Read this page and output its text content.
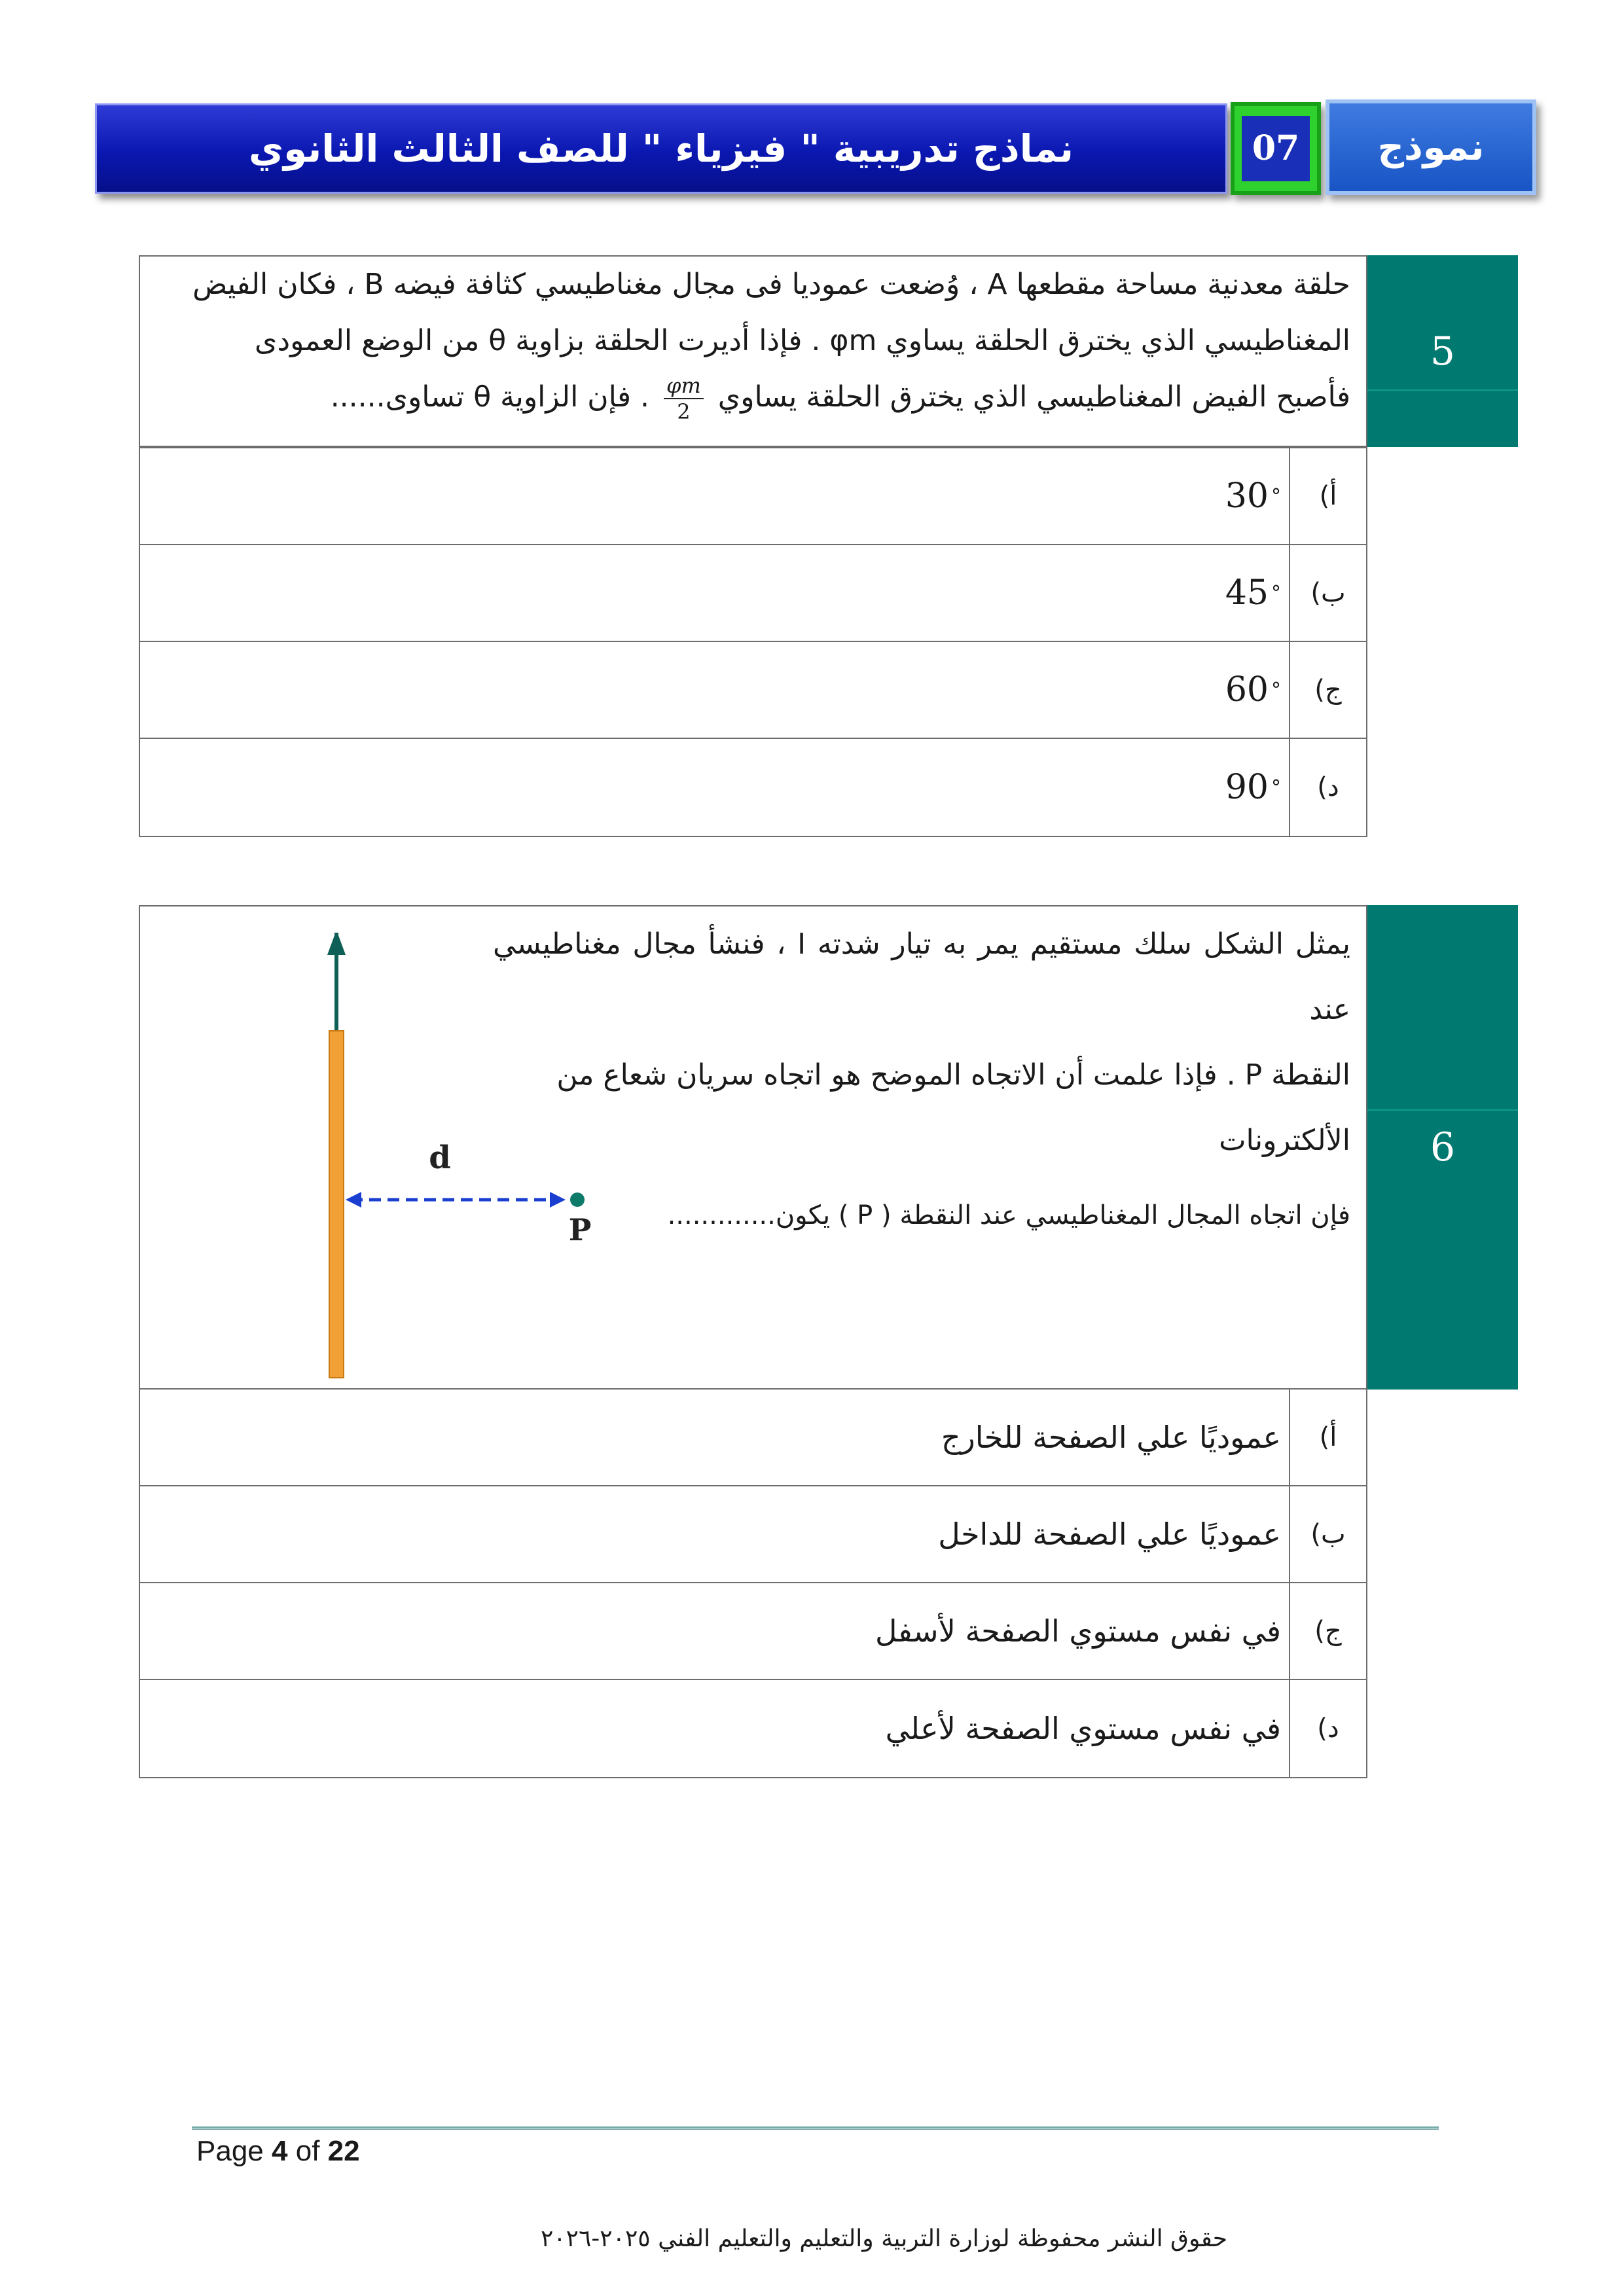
نماذج تدريبية " فيزياء " للصف الثالث الثانوي	07 نموذج
حلقة معدنية مساحة مقطعها A ، وُضعت عموديا فى مجال مغناطيسي كثافة فيضه B ، فكان الفيض
المغناطيسي الذي يخترق الحلقة يساوي φm . فإذا أديرت الحلقة بزاوية θ من الوضع العمودى
فأصبح الفيض المغناطيسي الذي يخترق الحلقة يساوي
$\frac{\varphi m}{2}$
. فإن الزاوية θ تساوى......
5
أ)
30 °
ب)
45 °
ج)
60 °
د)
90 °
يمثل الشكل سلك مستقيم يمر به تيار شدته I ، فنشأ مجال مغناطيسي عند
النقطة P . فإذا علمت أن الاتجاه الموضح هو اتجاه سريان شعاع من
الألكترونات
فإن اتجاه المجال المغناطيسي عند النقطة ( P ) يكون.............
d
P
6
أ)
عموديًا علي الصفحة للخارج
ب)
عموديًا علي الصفحة للداخل
ج)
في نفس مستوي الصفحة لأسفل
د)
في نفس مستوي الصفحة لأعلي
Page 4 of 22
حقوق النشر محفوظة لوزارة التربية والتعليم والتعليم الفني ٢٠٢٥-٢٠٢٦
